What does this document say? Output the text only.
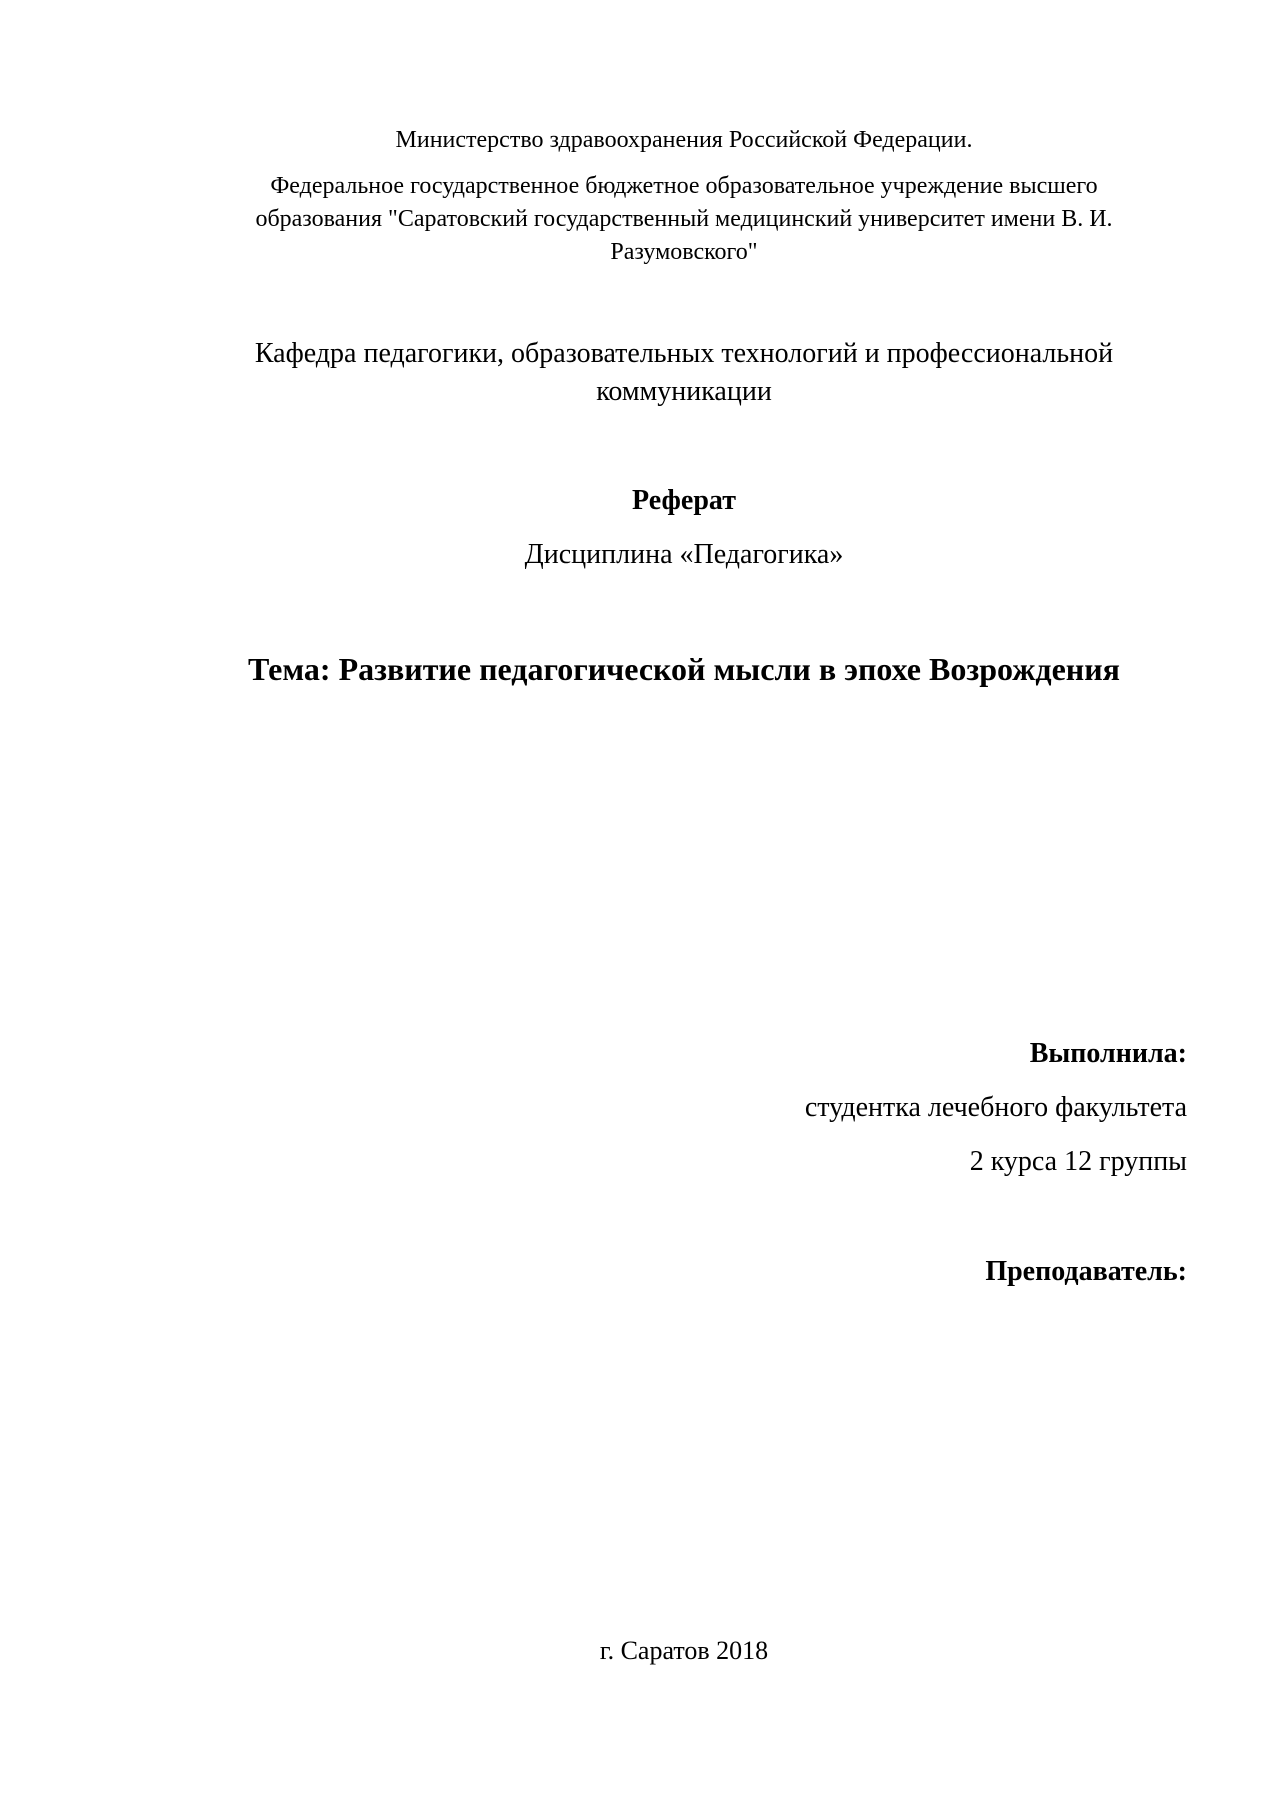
Министерство здравоохранения Российской Федерации.
Федеральное государственное бюджетное образовательное учреждение высшего образования "Саратовский государственный медицинский университет имени В. И. Разумовского"
Кафедра педагогики, образовательных технологий и профессиональной коммуникации
Реферат
Дисциплина «Педагогика»
Тема: Развитие педагогической мысли в эпохе Возрождения
Выполнила:
студентка лечебного факультета
2 курса 12 группы
Преподаватель:
г. Саратов 2018
